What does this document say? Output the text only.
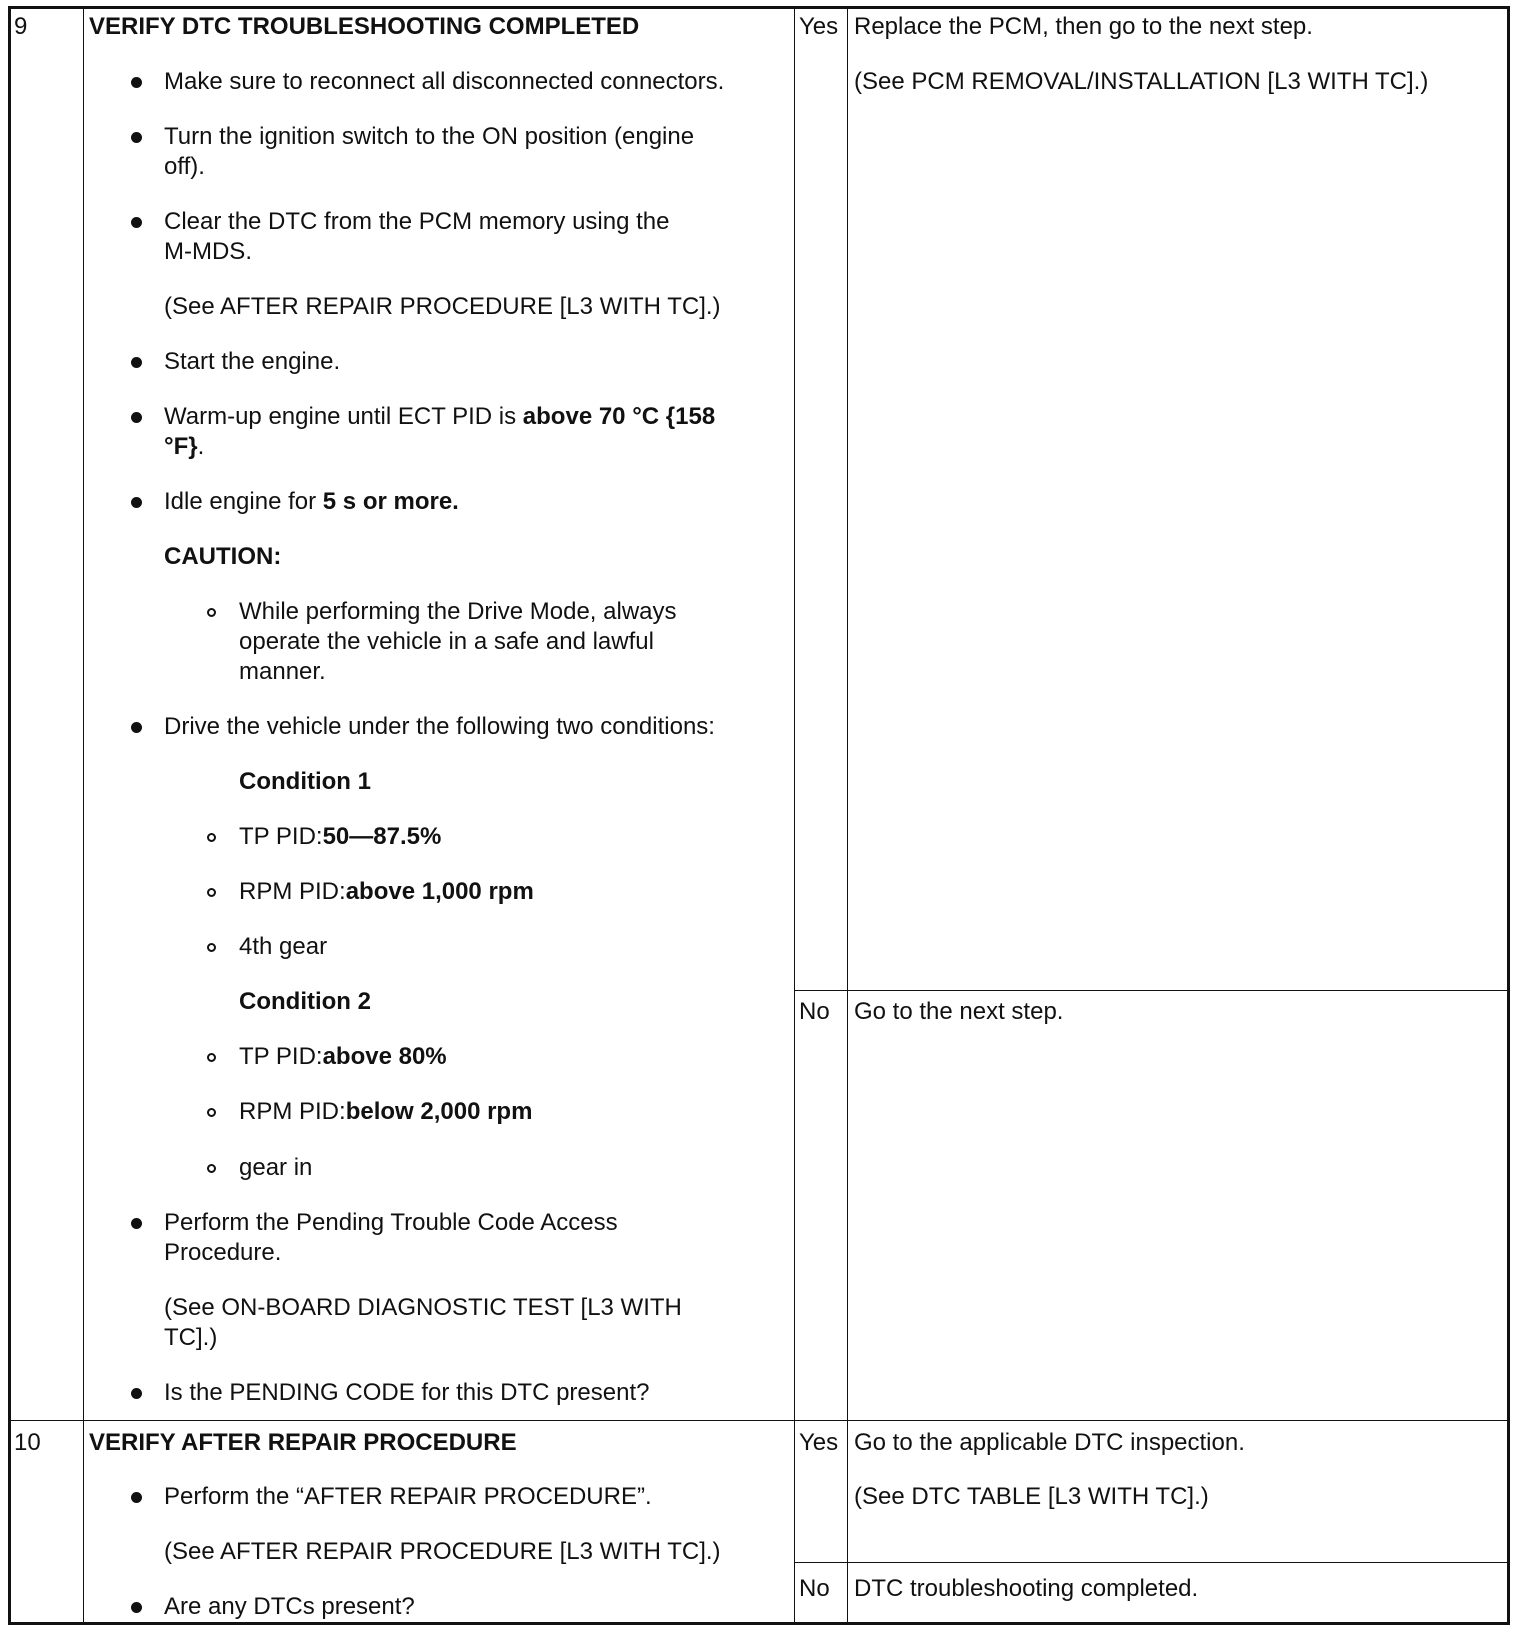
9	VERIFY DTC TROUBLESHOOTING COMPLETED
Make sure to reconnect all disconnected connectors.
Turn the ignition switch to the ON position (engine
off).
Clear the DTC from the PCM memory using the
M-MDS.
(See AFTER REPAIR PROCEDURE [L3 WITH TC].)
Start the engine.
Warm-up engine until ECT PID is above 70 °C {158
°F}.
Idle engine for 5 s or more.
CAUTION:
While performing the Drive Mode, always
operate the vehicle in a safe and lawful
manner.
Drive the vehicle under the following two conditions:
Condition 1
TP PID:50—87.5%
RPM PID:above 1,000 rpm
4th gear
Condition 2
TP PID:above 80%
RPM PID:below 2,000 rpm
gear in
Perform the Pending Trouble Code Access
Procedure.
(See ON-BOARD DIAGNOSTIC TEST [L3 WITH
TC].)
Is the PENDING CODE for this DTC present?
Yes Replace the PCM, then go to the next step.
(See PCM REMOVAL/INSTALLATION [L3 WITH TC].)
No Go to the next step.
10 VERIFY AFTER REPAIR PROCEDURE
Perform the “AFTER REPAIR PROCEDURE”.
(See AFTER REPAIR PROCEDURE [L3 WITH TC].)
Are any DTCs present?
Yes Go to the applicable DTC inspection.
(See DTC TABLE [L3 WITH TC].)
No DTC troubleshooting completed.
